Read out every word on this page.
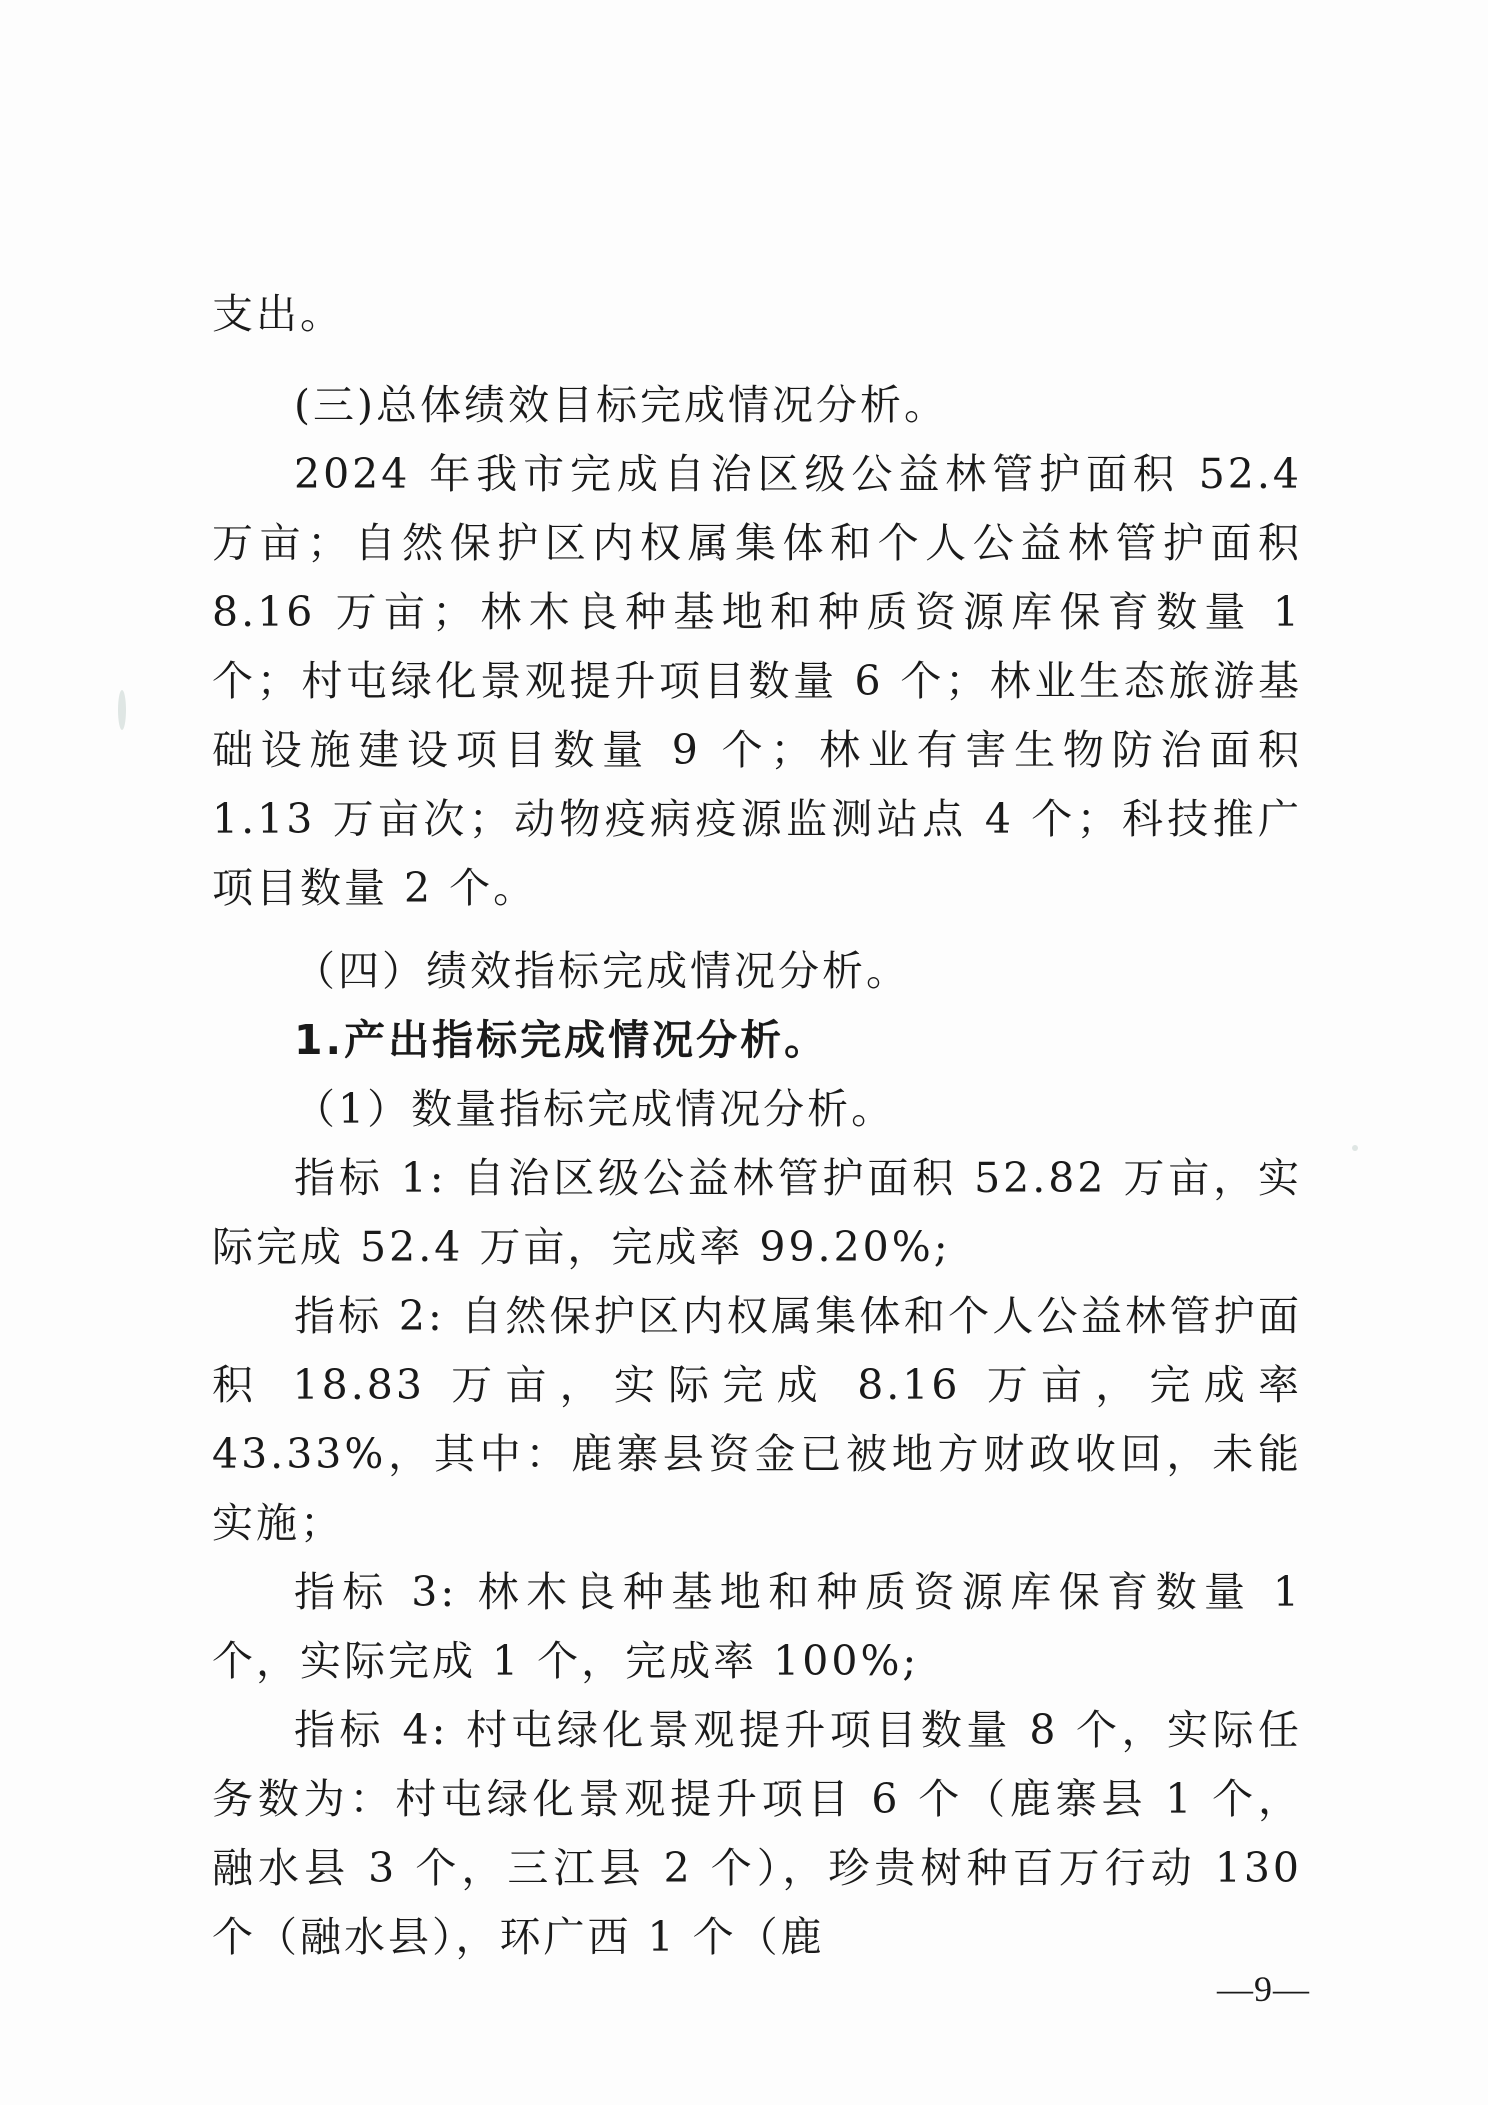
支出。

(三)总体绩效目标完成情况分析。

2024 年我市完成自治区级公益林管护面积 52.4 万亩；自然保护区内权属集体和个人公益林管护面积 8.16 万亩；林木良种基地和种质资源库保育数量 1 个；村屯绿化景观提升项目数量 6 个；林业生态旅游基础设施建设项目数量 9 个；林业有害生物防治面积 1.13 万亩次；动物疫病疫源监测站点 4 个；科技推广项目数量 2 个。

（四）绩效指标完成情况分析。

1.产出指标完成情况分析。

（1）数量指标完成情况分析。

指标 1: 自治区级公益林管护面积 52.82 万亩，实际完成 52.4 万亩，完成率 99.20%;

指标 2: 自然保护区内权属集体和个人公益林管护面积 18.83 万亩，实际完成 8.16 万亩，完成率 43.33%，其中：鹿寨县资金已被地方财政收回，未能实施；

指标 3: 林木良种基地和种质资源库保育数量 1 个，实际完成 1 个，完成率 100%;

指标 4: 村屯绿化景观提升项目数量 8 个，实际任务数为：村屯绿化景观提升项目 6 个（鹿寨县 1 个，融水县 3 个，三江县 2 个），珍贵树种百万行动 130 个（融水县），环广西 1 个（鹿

—9—
